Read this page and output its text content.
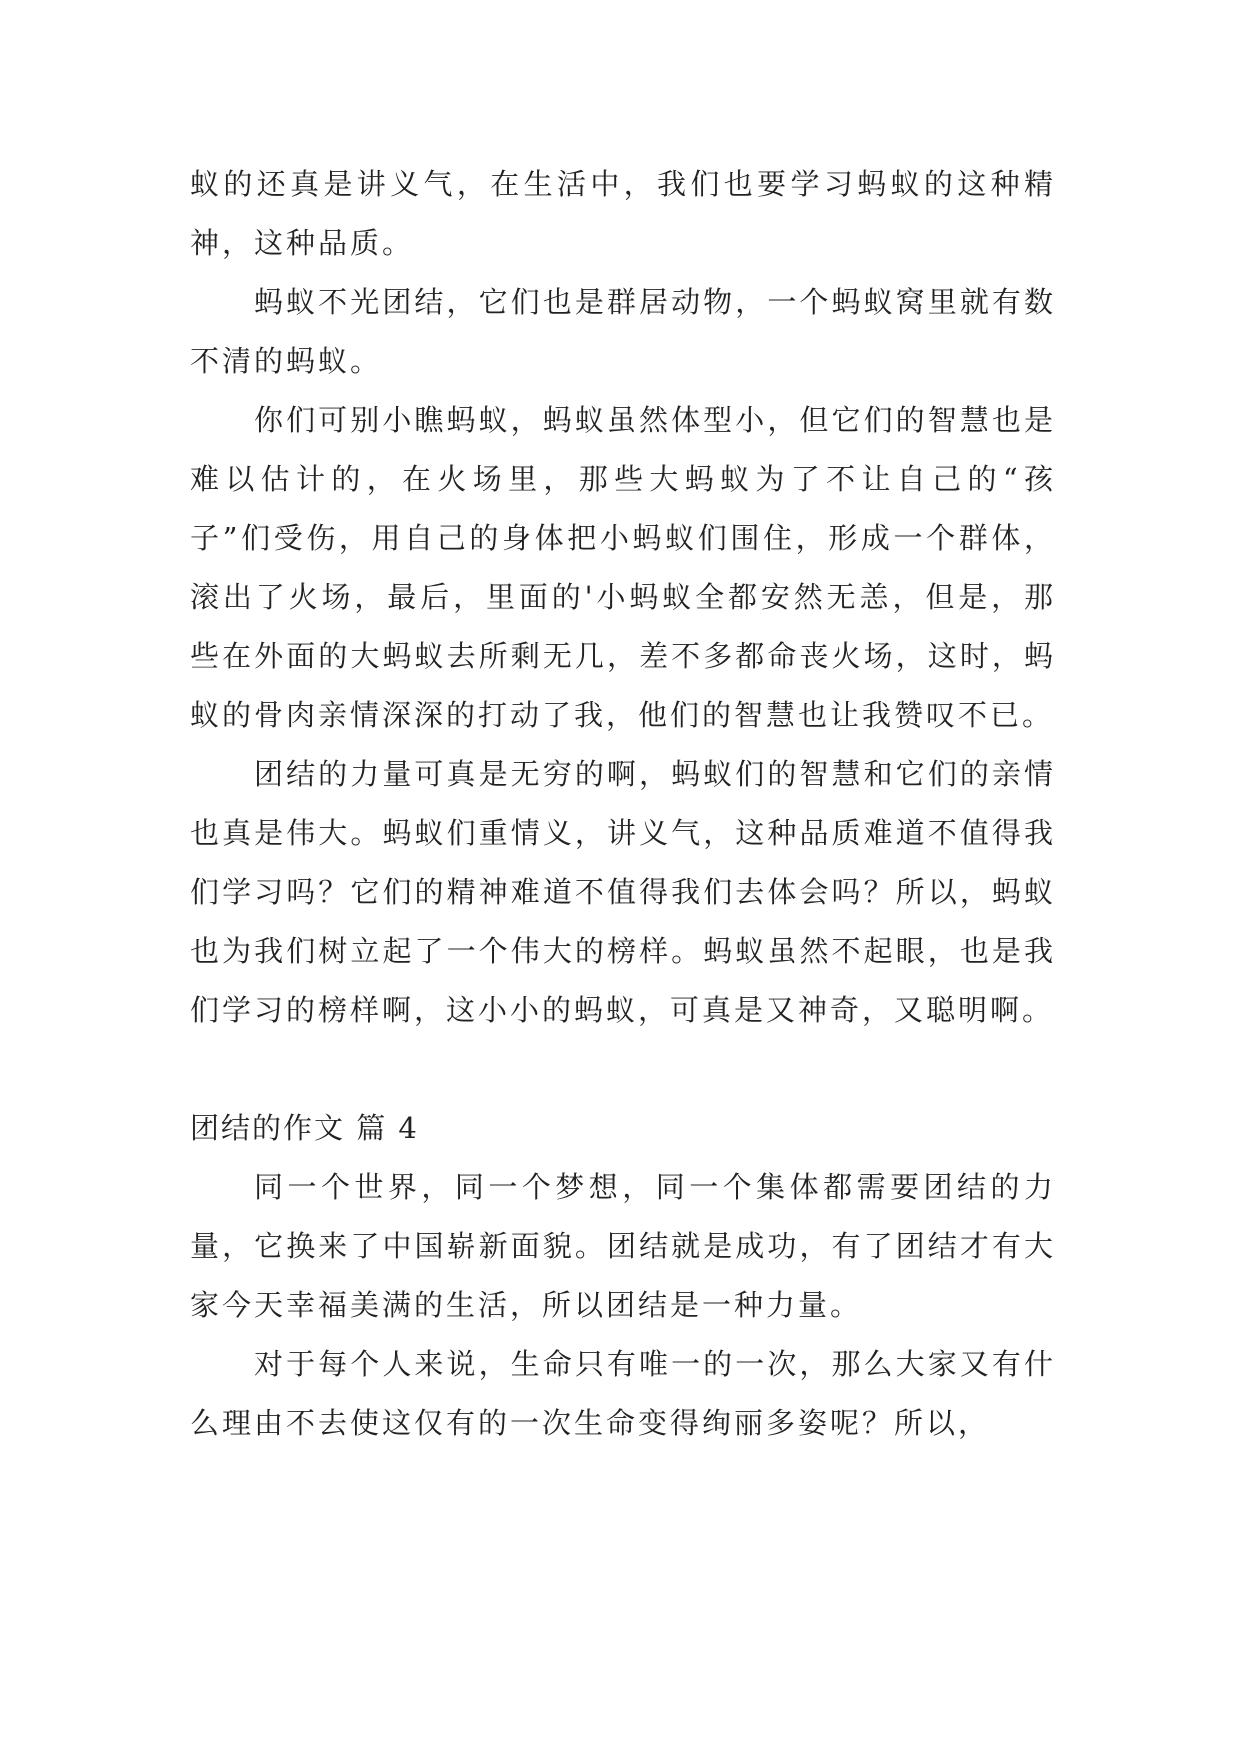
蚁的还真是讲义气，在生活中，我们也要学习蚂蚁的这种精神，这种品质。

蚂蚁不光团结，它们也是群居动物，一个蚂蚁窝里就有数不清的蚂蚁。

你们可别小瞧蚂蚁，蚂蚁虽然体型小，但它们的智慧也是难以估计的，在火场里，那些大蚂蚁为了不让自己的“孩子”们受伤，用自己的身体把小蚂蚁们围住，形成一个群体，滚出了火场，最后，里面的'小蚂蚁全都安然无恙，但是，那些在外面的大蚂蚁去所剩无几，差不多都命丧火场，这时，蚂蚁的骨肉亲情深深的打动了我，他们的智慧也让我赞叹不已。

团结的力量可真是无穷的啊，蚂蚁们的智慧和它们的亲情也真是伟大。蚂蚁们重情义，讲义气，这种品质难道不值得我们学习吗？它们的精神难道不值得我们去体会吗？所以，蚂蚁也为我们树立起了一个伟大的榜样。蚂蚁虽然不起眼，也是我们学习的榜样啊，这小小的蚂蚁，可真是又神奇，又聪明啊。

团结的作文 篇 4

同一个世界，同一个梦想，同一个集体都需要团结的力量，它换来了中国崭新面貌。团结就是成功，有了团结才有大家今天幸福美满的生活，所以团结是一种力量。

对于每个人来说，生命只有唯一的一次，那么大家又有什么理由不去使这仅有的一次生命变得绚丽多姿呢？所以，
